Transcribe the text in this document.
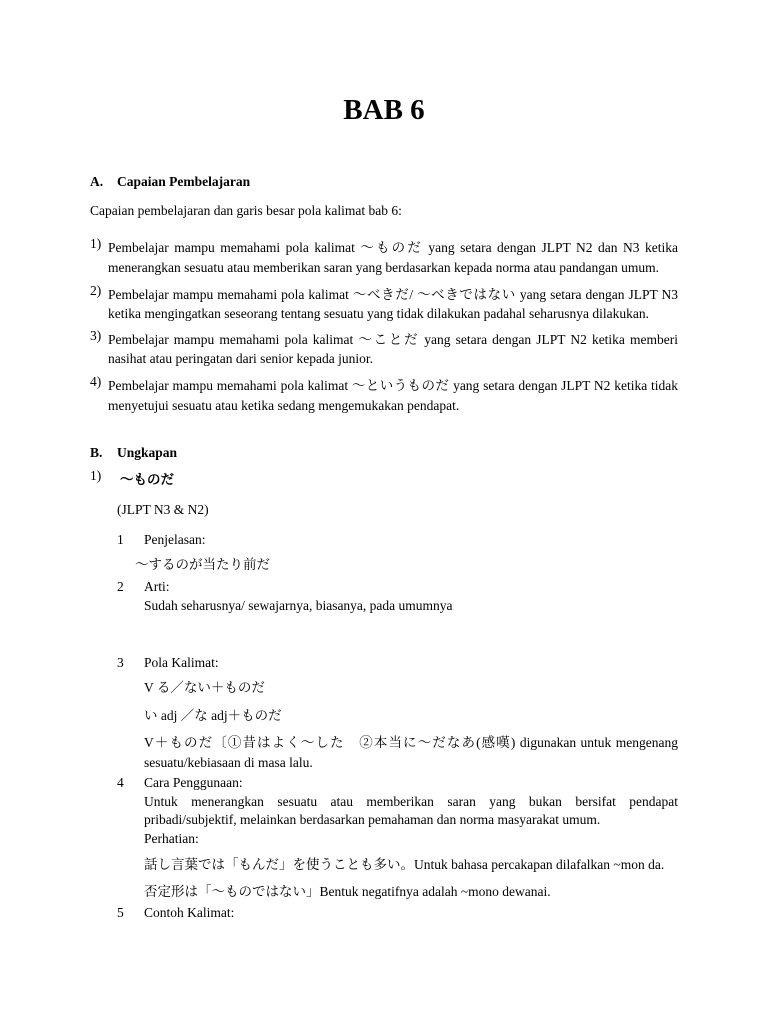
BAB 6
A. Capaian Pembelajaran
Capaian pembelajaran dan garis besar pola kalimat bab 6:
1) Pembelajar mampu memahami pola kalimat 〜ものだ yang setara dengan JLPT N2 dan N3 ketika
menerangkan sesuatu atau memberikan saran yang berdasarkan kepada norma atau pandangan umum.
2) Pembelajar mampu memahami pola kalimat 〜べきだ/ 〜べきではない yang setara dengan JLPT N3
ketika mengingatkan seseorang tentang sesuatu yang tidak dilakukan padahal seharusnya dilakukan.
3) Pembelajar mampu memahami pola kalimat 〜ことだ yang setara dengan JLPT N2 ketika memberi
nasihat atau peringatan dari senior kepada junior.
4) Pembelajar mampu memahami pola kalimat 〜というものだ yang setara dengan JLPT N2 ketika tidak
menyetujui sesuatu atau ketika sedang mengemukakan pendapat.
B. Ungkapan
1) 〜ものだ
(JLPT N3 & N2)
1 Penjelasan:
〜するのが当たり前だ
2 Arti:
Sudah seharusnya/ sewajarnya, biasanya, pada umumnya
3 Pola Kalimat:
V る／ない＋ものだ
い adj ／な adj＋ものだ
V＋ものだ〔①昔はよく〜した　②本当に〜だなあ(感嘆) digunakan untuk mengenang
sesuatu/kebiasaan di masa lalu.
4 Cara Penggunaan:
Untuk menerangkan sesuatu atau memberikan saran yang bukan bersifat pendapat
pribadi/subjektif, melainkan berdasarkan pemahaman dan norma masyarakat umum.
Perhatian:
話し言葉では「もんだ」を使うことも多い。Untuk bahasa percakapan dilafalkan ~mon da.
否定形は「〜ものではない」Bentuk negatifnya adalah ~mono dewanai.
5 Contoh Kalimat:
